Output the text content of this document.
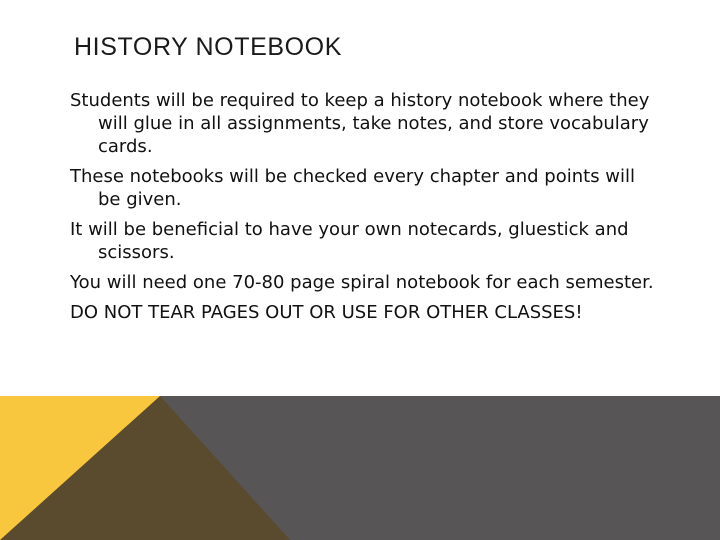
HISTORY NOTEBOOK
Students will be required to keep a history notebook where they will glue in all assignments, take notes, and store vocabulary cards.
These notebooks will be checked every chapter and points will be given.
It will be beneficial to have your own notecards, gluestick and scissors.
You will need one 70-80 page spiral notebook for each semester.
DO NOT TEAR PAGES OUT OR USE FOR OTHER CLASSES!
